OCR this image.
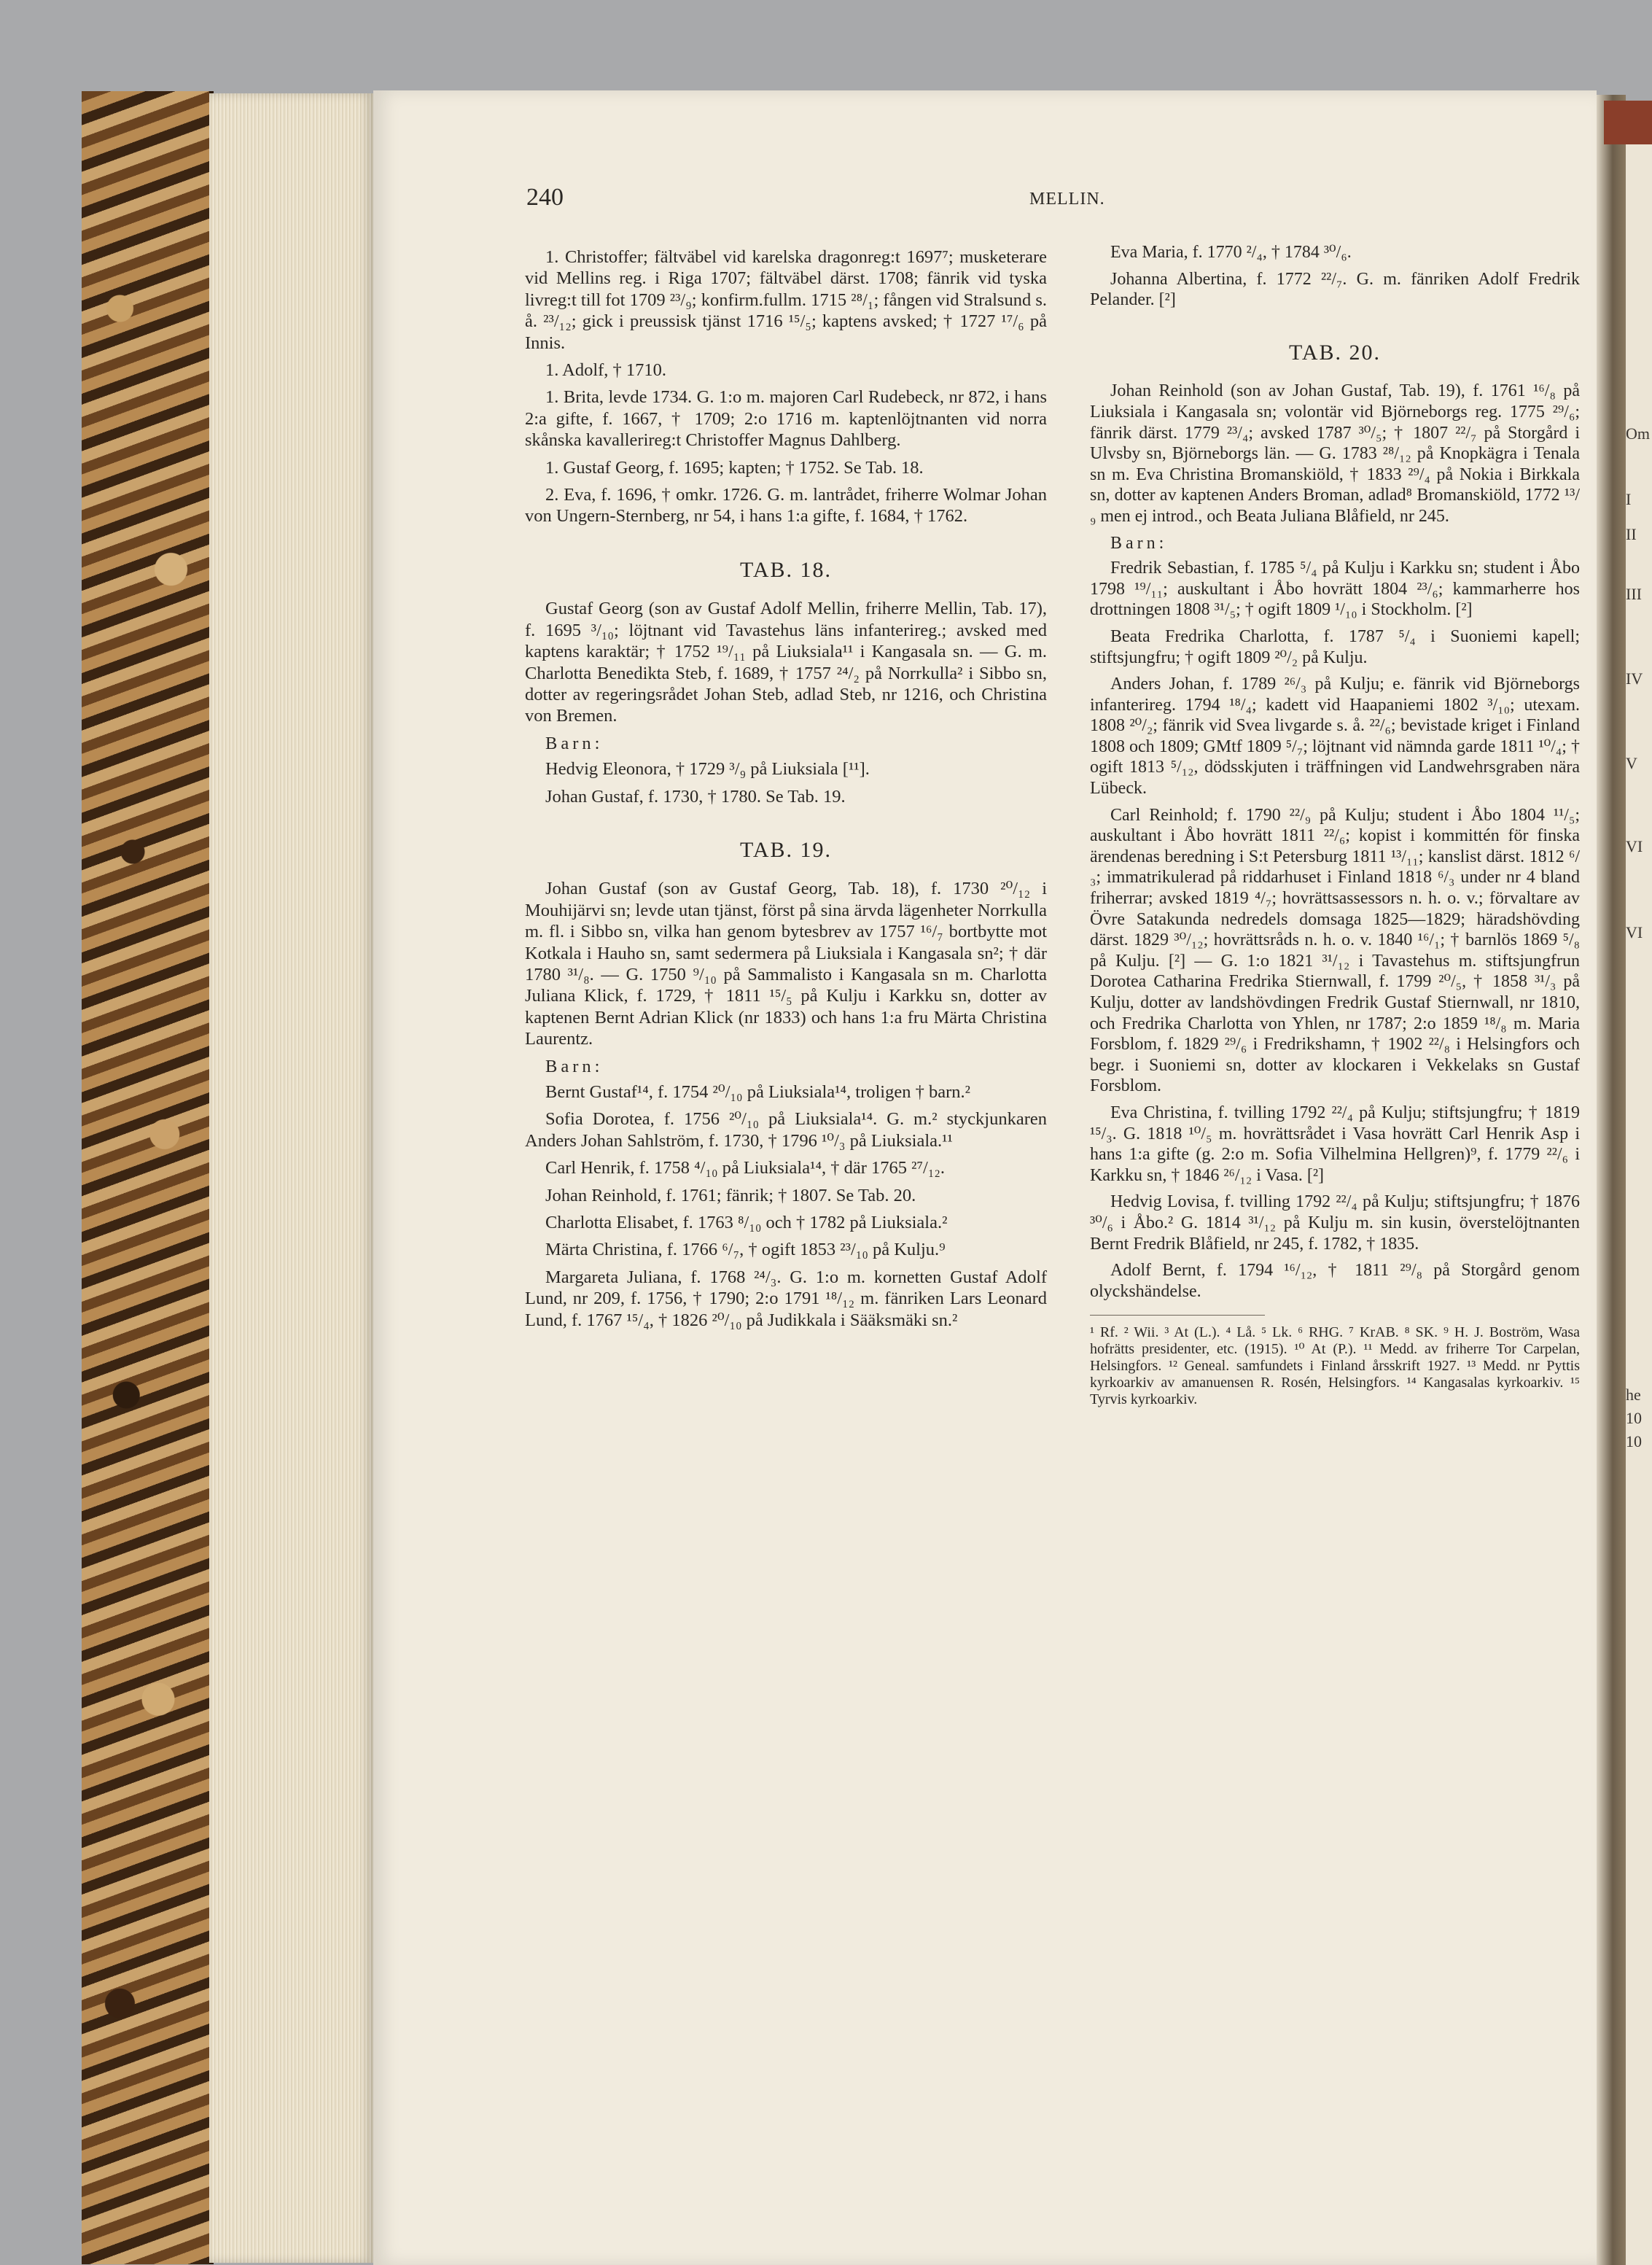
Om
I
II
III
IV
V
VI
VI
he
10
10
240	MELLIN.

1. Christoffer; fältväbel vid karelska dragonreg:t 1697⁷; musketerare vid Mellins reg. i Riga 1707; fältväbel därst. 1708; fänrik vid tyska livreg:t till fot 1709 ²³/₉; konfirm.fullm. 1715 ²⁸/₁; fången vid Stralsund s. å. ²³/₁₂; gick i preussisk tjänst 1716 ¹⁵/₅; kaptens avsked; † 1727 ¹⁷/₆ på Innis.

1. Adolf, † 1710.

1. Brita, levde 1734. G. 1:o m. majoren Carl Rudebeck, nr 872, i hans 2:a gifte, f. 1667, † 1709; 2:o 1716 m. kaptenlöjtnanten vid norra skånska kavallerireg:t Christoffer Magnus Dahlberg.

1. Gustaf Georg, f. 1695; kapten; † 1752. Se Tab. 18.

2. Eva, f. 1696, † omkr. 1726. G. m. lantrådet, friherre Wolmar Johan von Ungern-Sternberg, nr 54, i hans 1:a gifte, f. 1684, † 1762.

TAB. 18.

Gustaf Georg (son av Gustaf Adolf Mellin, friherre Mellin, Tab. 17), f. 1695 ³/₁₀; löjtnant vid Tavastehus läns infanterireg.; avsked med kaptens karaktär; † 1752 ¹⁹/₁₁ på Liuksiala¹¹ i Kangasala sn. — G. m. Charlotta Benedikta Steb, f. 1689, † 1757 ²⁴/₂ på Norrkulla² i Sibbo sn, dotter av regeringsrådet Johan Steb, adlad Steb, nr 1216, och Christina von Bremen.

Barn:

Hedvig Eleonora, † 1729 ³/₉ på Liuksiala [¹¹].

Johan Gustaf, f. 1730, † 1780. Se Tab. 19.

TAB. 19.

Johan Gustaf (son av Gustaf Georg, Tab. 18), f. 1730 ²⁰/₁₂ i Mouhijärvi sn; levde utan tjänst, först på sina ärvda lägenheter Norrkulla m. fl. i Sibbo sn, vilka han genom bytesbrev av 1757 ¹⁶/₇ bortbytte mot Kotkala i Hauho sn, samt sedermera på Liuksiala i Kangasala sn²; † där 1780 ³¹/₈. — G. 1750 ⁹/₁₀ på Sammalisto i Kangasala sn m. Charlotta Juliana Klick, f. 1729, † 1811 ¹⁵/₅ på Kulju i Karkku sn, dotter av kaptenen Bernt Adrian Klick (nr 1833) och hans 1:a fru Märta Christina Laurentz.

Barn:

Bernt Gustaf¹⁴, f. 1754 ²⁰/₁₀ på Liuksiala¹⁴, troligen † barn.²

Sofia Dorotea, f. 1756 ²⁰/₁₀ på Liuksiala¹⁴. G. m.² styckjunkaren Anders Johan Sahlström, f. 1730, † 1796 ¹⁰/₃ på Liuksiala.¹¹

Carl Henrik, f. 1758 ⁴/₁₀ på Liuksiala¹⁴, † där 1765 ²⁷/₁₂.

Johan Reinhold, f. 1761; fänrik; † 1807. Se Tab. 20.

Charlotta Elisabet, f. 1763 ⁸/₁₀ och † 1782 på Liuksiala.²

Märta Christina, f. 1766 ⁶/₇, † ogift 1853 ²³/₁₀ på Kulju.⁹

Margareta Juliana, f. 1768 ²⁴/₃. G. 1:o m. kornetten Gustaf Adolf Lund, nr 209, f. 1756, † 1790; 2:o 1791 ¹⁸/₁₂ m. fänriken Lars Leonard Lund, f. 1767 ¹⁵/₄, † 1826 ²⁰/₁₀ på Judikkala i Sääksmäki sn.²

Eva Maria, f. 1770 ²/₄, † 1784 ³⁰/₆.

Johanna Albertina, f. 1772 ²²/₇. G. m. fänriken Adolf Fredrik Pelander. [²]

TAB. 20.

Johan Reinhold (son av Johan Gustaf, Tab. 19), f. 1761 ¹⁶/₈ på Liuksiala i Kangasala sn; volontär vid Björneborgs reg. 1775 ²⁹/₆; fänrik därst. 1779 ²³/₄; avsked 1787 ³⁰/₅; † 1807 ²²/₇ på Storgård i Ulvsby sn, Björneborgs län. — G. 1783 ²⁸/₁₂ på Knopkägra i Tenala sn m. Eva Christina Bromanskiöld, † 1833 ²⁹/₄ på Nokia i Birkkala sn, dotter av kaptenen Anders Broman, adlad⁸ Bromanskiöld, 1772 ¹³/₉ men ej introd., och Beata Juliana Blåfield, nr 245.

Barn:

Fredrik Sebastian, f. 1785 ⁵/₄ på Kulju i Karkku sn; student i Åbo 1798 ¹⁹/₁₁; auskultant i Åbo hovrätt 1804 ²³/₆; kammarherre hos drottningen 1808 ³¹/₅; † ogift 1809 ¹/₁₀ i Stockholm. [²]

Beata Fredrika Charlotta, f. 1787 ⁵/₄ i Suoniemi kapell; stiftsjungfru; † ogift 1809 ²⁰/₂ på Kulju.

Anders Johan, f. 1789 ²⁶/₃ på Kulju; e. fänrik vid Björneborgs infanterireg. 1794 ¹⁸/₄; kadett vid Haapaniemi 1802 ³/₁₀; utexam. 1808 ²⁰/₂; fänrik vid Svea livgarde s. å. ²²/₆; bevistade kriget i Finland 1808 och 1809; GMtf 1809 ⁵/₇; löjtnant vid nämnda garde 1811 ¹⁰/₄; † ogift 1813 ⁵/₁₂, dödsskjuten i träffningen vid Landwehrsgraben nära Lübeck.

Carl Reinhold; f. 1790 ²²/₉ på Kulju; student i Åbo 1804 ¹¹/₅; auskultant i Åbo hovrätt 1811 ²²/₆; kopist i kommittén för finska ärendenas beredning i S:t Petersburg 1811 ¹³/₁₁; kanslist därst. 1812 ⁶/₃; immatrikulerad på riddarhuset i Finland 1818 ⁶/₃ under nr 4 bland friherrar; avsked 1819 ⁴/₇; hovrättsassessors n. h. o. v.; förvaltare av Övre Satakunda nedredels domsaga 1825—1829; häradshövding därst. 1829 ³⁰/₁₂; hovrättsråds n. h. o. v. 1840 ¹⁶/₁; † barnlös 1869 ⁵/₈ på Kulju. [²] — G. 1:o 1821 ³¹/₁₂ i Tavastehus m. stiftsjungfrun Dorotea Catharina Fredrika Stiernwall, f. 1799 ²⁰/₅, † 1858 ³¹/₃ på Kulju, dotter av landshövdingen Fredrik Gustaf Stiernwall, nr 1810, och Fredrika Charlotta von Yhlen, nr 1787; 2:o 1859 ¹⁸/₈ m. Maria Forsblom, f. 1829 ²⁹/₆ i Fredrikshamn, † 1902 ²²/₈ i Helsingfors och begr. i Suoniemi sn, dotter av klockaren i Vekkelaks sn Gustaf Forsblom.

Eva Christina, f. tvilling 1792 ²²/₄ på Kulju; stiftsjungfru; † 1819 ¹⁵/₃. G. 1818 ¹⁰/₅ m. hovrättsrådet i Vasa hovrätt Carl Henrik Asp i hans 1:a gifte (g. 2:o m. Sofia Vilhelmina Hellgren)⁹, f. 1779 ²²/₆ i Karkku sn, † 1846 ²⁶/₁₂ i Vasa. [²]

Hedvig Lovisa, f. tvilling 1792 ²²/₄ på Kulju; stiftsjungfru; † 1876 ³⁰/₆ i Åbo.² G. 1814 ³¹/₁₂ på Kulju m. sin kusin, överstelöjtnanten Bernt Fredrik Blåfield, nr 245, f. 1782, † 1835.

Adolf Bernt, f. 1794 ¹⁶/₁₂, † 1811 ²⁹/₈ på Storgård genom olyckshändelse.

¹ Rf. ² Wii. ³ At (L.). ⁴ Lå. ⁵ Lk. ⁶ RHG. ⁷ KrAB. ⁸ SK. ⁹ H. J. Boström, Wasa hofrätts presidenter, etc. (1915). ¹⁰ At (P.). ¹¹ Medd. av friherre Tor Carpelan, Helsingfors. ¹² Geneal. samfundets i Finland årsskrift 1927. ¹³ Medd. nr Pyttis kyrkoarkiv av amanuensen R. Rosén, Helsingfors. ¹⁴ Kangasalas kyrkoarkiv. ¹⁵ Tyrvis kyrkoarkiv.
